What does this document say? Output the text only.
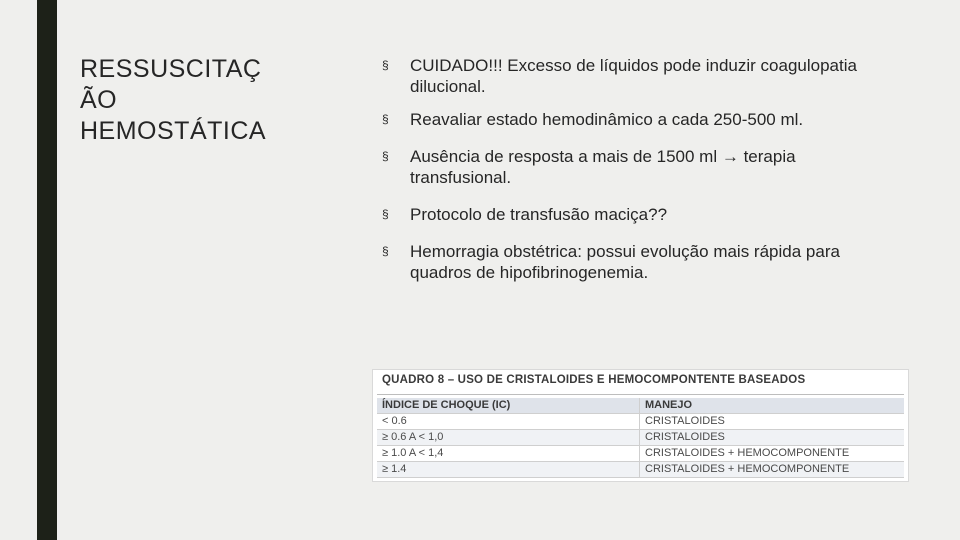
RESSUSCITAÇ
ÃO
HEMOSTÁTICA
§ CUIDADO!!! Excesso de líquidos pode induzir coagulopatia dilucional.
§ Reavaliar estado hemodinâmico a cada 250-500 ml.
§ Ausência de resposta a mais de 1500 ml → terapia transfusional.
§ Protocolo de transfusão maciça??
§ Hemorragia obstétrica: possui evolução mais rápida para quadros de hipofibrinogenemia.
QUADRO 8 – USO DE CRISTALOIDES E HEMOCOMPONTENTE BASEADOS
ÍNDICE DE CHOQUE (IC)	MANEJO
< 0.6	CRISTALOIDES
≥ 0.6 A < 1,0	CRISTALOIDES
≥ 1.0 A < 1,4	CRISTALOIDES + HEMOCOMPONENTE
≥ 1.4	CRISTALOIDES + HEMOCOMPONENTE
